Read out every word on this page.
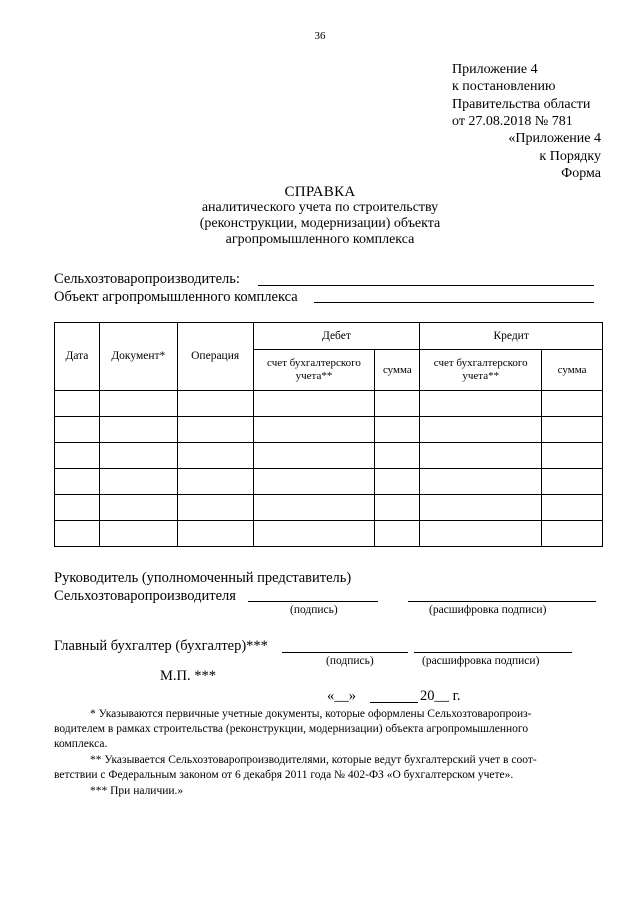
36
Приложение 4
к постановлению
Правительства области
от 27.08.2018 № 781
«Приложение 4
к Порядку
Форма
СПРАВКА
аналитического учета по строительству
(реконструкции, модернизации) объекта
агропромышленного комплекса
Сельхозтоваропроизводитель:
Объект агропромышленного комплекса
Дата	Документ*	Операция	Дебет		Кредит	
			счет бухгалтерского учета**	сумма	счет бухгалтерского учета**	сумма

Руководитель (уполномоченный представитель)
Сельхозтоваропроизводителя
(подпись)	(расшифровка подписи)
Главный бухгалтер (бухгалтер)***
(подпись)	(расшифровка подписи)
М.П. ***
«__»	20__ г.
* Указываются первичные учетные документы, которые оформлены Сельхозтоваропроиз-
водителем в рамках строительства (реконструкции, модернизации) объекта агропромышленного
комплекса.
** Указывается Сельхозтоваропроизводителями, которые ведут бухгалтерский учет в соот-
ветствии с Федеральным законом от 6 декабря 2011 года № 402-ФЗ «О бухгалтерском учете».
*** При наличии.»
